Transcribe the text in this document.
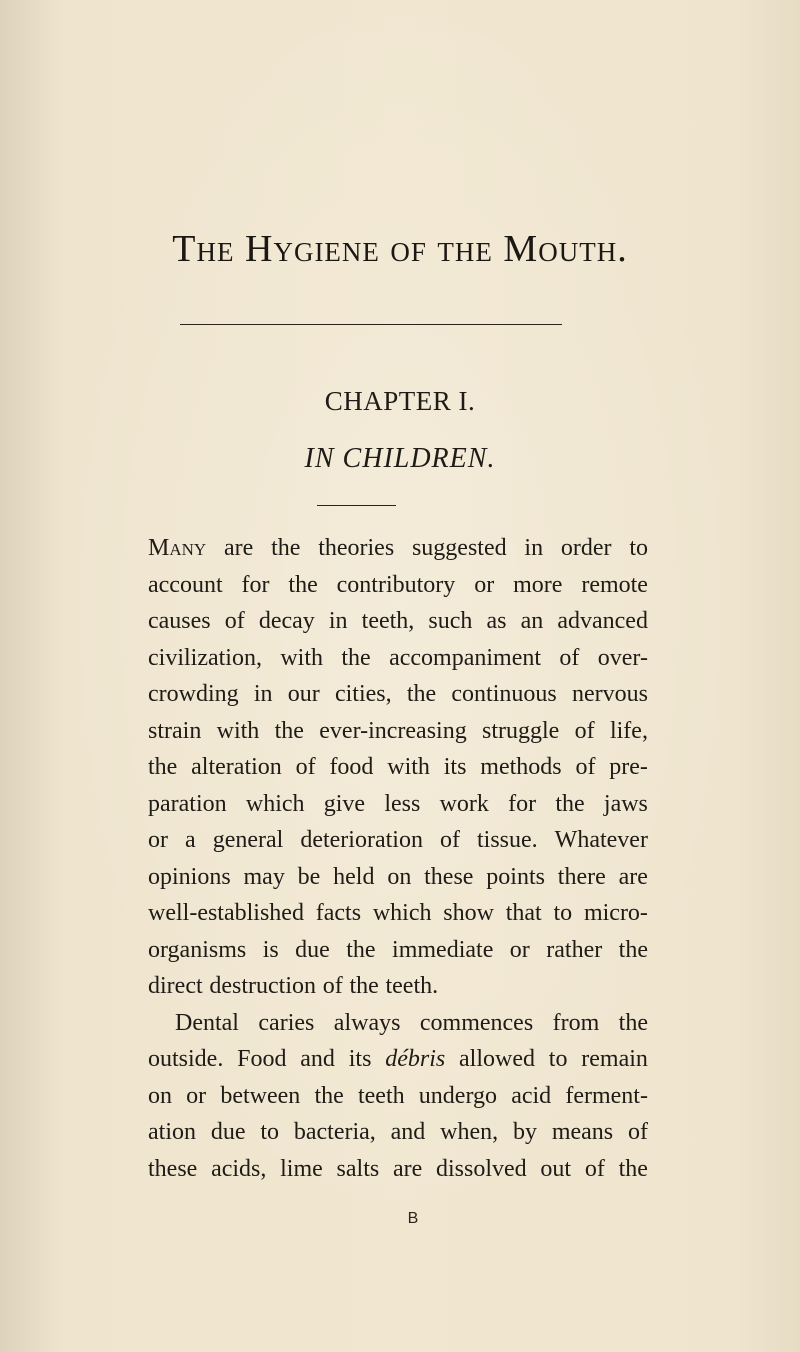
The Hygiene of the Mouth.
CHAPTER I.
IN CHILDREN.
Many are the theories suggested in order to
account for the contributory or more remote
causes of decay in teeth, such as an advanced
civilization, with the accompaniment of over-
crowding in our cities, the continuous nervous
strain with the ever-increasing struggle of life,
the alteration of food with its methods of pre-
paration which give less work for the jaws
or a general deterioration of tissue. Whatever
opinions may be held on these points there are
well-established facts which show that to micro-
organisms is due the immediate or rather the
direct destruction of the teeth.
Dental caries always commences from the
outside. Food and its débris allowed to remain
on or between the teeth undergo acid ferment-
ation due to bacteria, and when, by means of
these acids, lime salts are dissolved out of the
B
